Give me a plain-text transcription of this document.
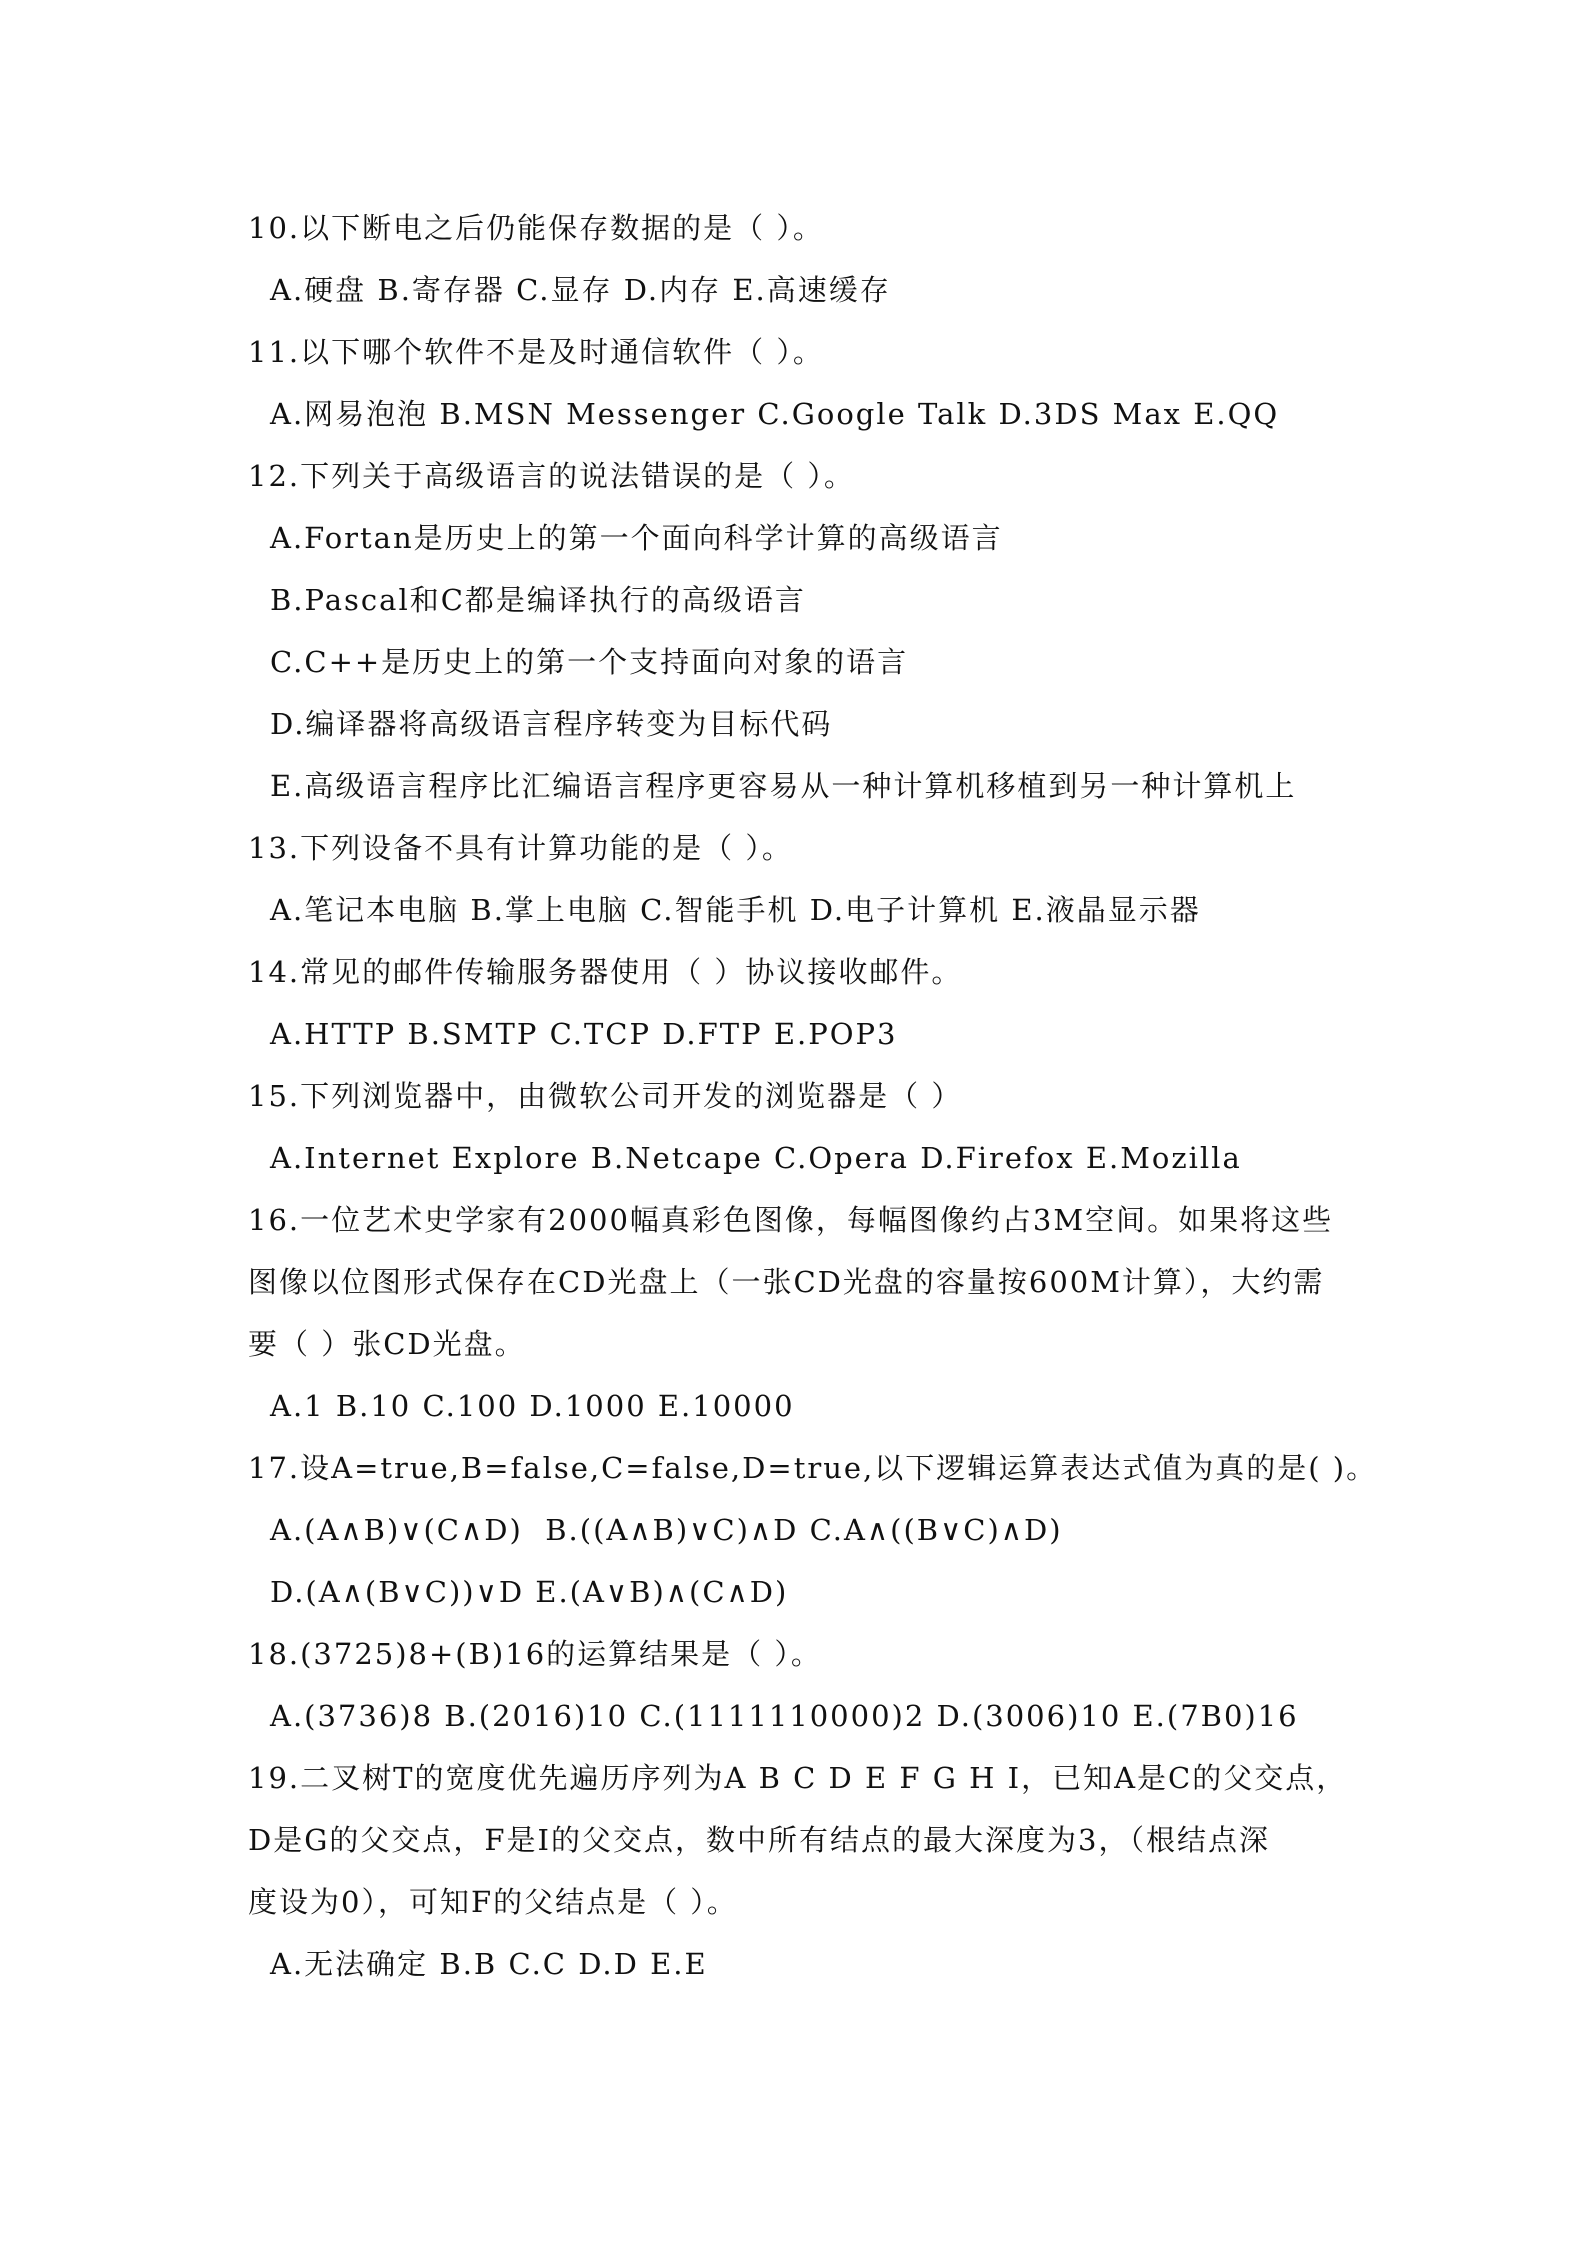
10.以下断电之后仍能保存数据的是（ ）。
A.硬盘 B.寄存器 C.显存 D.内存 E.高速缓存
11.以下哪个软件不是及时通信软件（ ）。
A.网易泡泡 B.MSN Messenger C.Google Talk D.3DS Max E.QQ
12.下列关于高级语言的说法错误的是（ ）。
A.Fortan是历史上的第一个面向科学计算的高级语言
B.Pascal和C都是编译执行的高级语言
C.C++是历史上的第一个支持面向对象的语言
D.编译器将高级语言程序转变为目标代码
E.高级语言程序比汇编语言程序更容易从一种计算机移植到另一种计算机上
13.下列设备不具有计算功能的是（ ）。
A.笔记本电脑 B.掌上电脑 C.智能手机 D.电子计算机 E.液晶显示器
14.常见的邮件传输服务器使用（ ）协议接收邮件。
A.HTTP B.SMTP C.TCP D.FTP E.POP3
15.下列浏览器中，由微软公司开发的浏览器是（ ）
A.Internet Explore B.Netcape C.Opera D.Firefox E.Mozilla
16.一位艺术史学家有2000幅真彩色图像，每幅图像约占3M空间。如果将这些
图像以位图形式保存在CD光盘上（一张CD光盘的容量按600M计算），大约需
要（ ）张CD光盘。
A.1 B.10 C.100 D.1000 E.10000
17.设A=true,B=false,C=false,D=true,以下逻辑运算表达式值为真的是( )。
A.(A∧B)∨(C∧D)  B.((A∧B)∨C)∧D C.A∧((B∨C)∧D)
D.(A∧(B∨C))∨D E.(A∨B)∧(C∧D)
18.(3725)8+(B)16的运算结果是（ ）。
A.(3736)8 B.(2016)10 C.(1111110000)2 D.(3006)10 E.(7B0)16
19.二叉树T的宽度优先遍历序列为A B C D E F G H I，已知A是C的父交点，
D是G的父交点，F是I的父交点，数中所有结点的最大深度为3，（根结点深
度设为0），可知F的父结点是（ ）。
A.无法确定 B.B C.C D.D E.E
